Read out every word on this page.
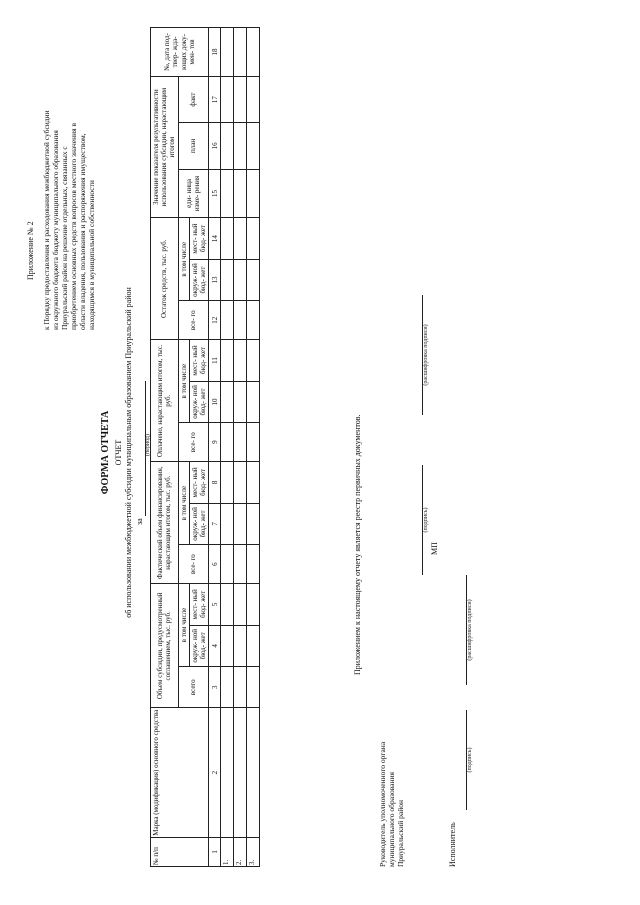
Приложение № 2 к Порядку предоставления и расходования межбюджетной субсидии из окружного бюджета бюджету муниципального образования Приуральский район на решение отдельных, связанных с приобретением основных средств вопросов местного значения в области владения, пользования и распоряжения имуществом, находящимся в муниципальной собственности
ФОРМА ОТЧЕТА ОТЧЕТ об использовании межбюджетной субсидии муниципальным образованием Приуральский район за
(период)
№ п/п	Марка (модификация) основного средства	Объем субсидии, предусмотренный соглашением, тыс. руб.			Фактический объем финансирования, нарастающим итогом, тыс. руб.			Оплачено, нарастающим итогом, тыс. руб.			Остаток средств, тыс. руб.			Значение показателя результативности использования субсидии, нарастающим итогом			№, дата под- твер- жда- ющих доку- мен- тов
		всего	в том числе		все- го	в том числе		все- го	в том числе		все- го	в том числе		еди- ница изме- рения	план	факт	
			окруж- ной бюд- жет	мест- ный бюд- жет		окруж- ной бюд- жет	мест- ный бюд- жет		окруж- ной бюд- жет	мест- ный бюд- жет		окруж- ной бюд- жет	мест- ный бюд- жет				
1	2	3	4	5	6	7	8	9	10	11	12	13	14	15	16	17	18
1.																	
2.																	
3.																	
Приложением к настоящему отчету является реестр первичных документов.
Руководитель уполномоченного органа муниципального образования Приуральский район

(подпись)

(расшифровка подписи)
МП
Исполнитель

(подпись)

(расшифровка подписи)
